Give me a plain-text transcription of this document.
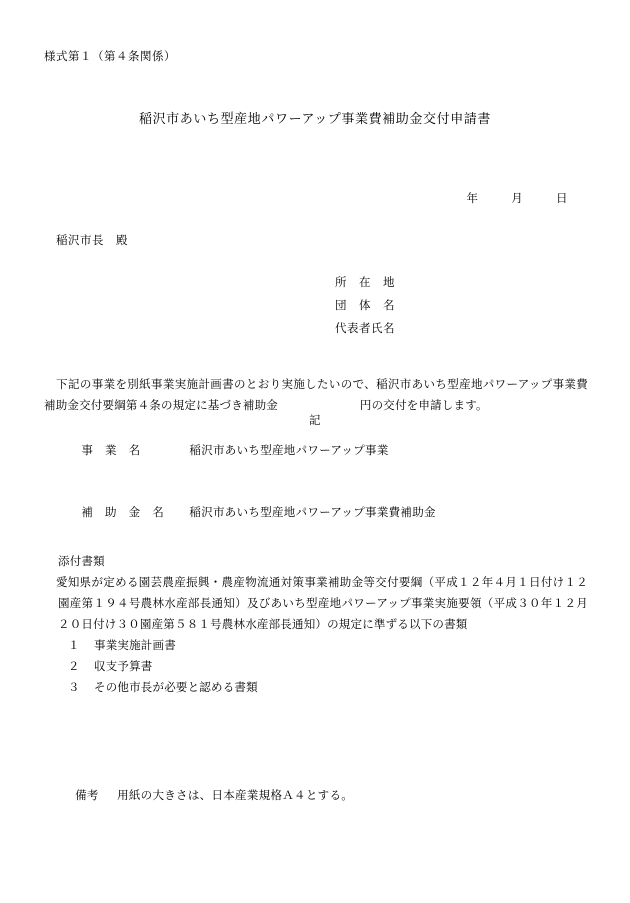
様式第１（第４条関係）
稲沢市あいち型産地パワーアップ事業費補助金交付申請書
年	月	日
稲沢市長　殿
所　在　地
団　体　名
代表者氏名
下記の事業を別紙事業実施計画書のとおり実施したいので、稲沢市あいち型産地パワーアップ事業費補助金交付要綱第４条の規定に基づき補助金　　　　　　　円の交付を申請します。
記

事　業　名	稲沢市あいち型産地パワーアップ事業

補　助　金　名 稲沢市あいち型産地パワーアップ事業費補助金

添付書類
愛知県が定める園芸農産振興・農産物流通対策事業補助金等交付要綱（平成１２年４月１日付け１２園産第１９４号農林水産部長通知）及びあいち型産地パワーアップ事業実施要領（平成３０年１２月２０日付け３０園産第５８１号農林水産部長通知）の規定に準ずる以下の書類
１ 事業実施計画書
２ 収支予算書
３ その他市長が必要と認める書類

備考 用紙の大きさは、日本産業規格Ａ４とする。
